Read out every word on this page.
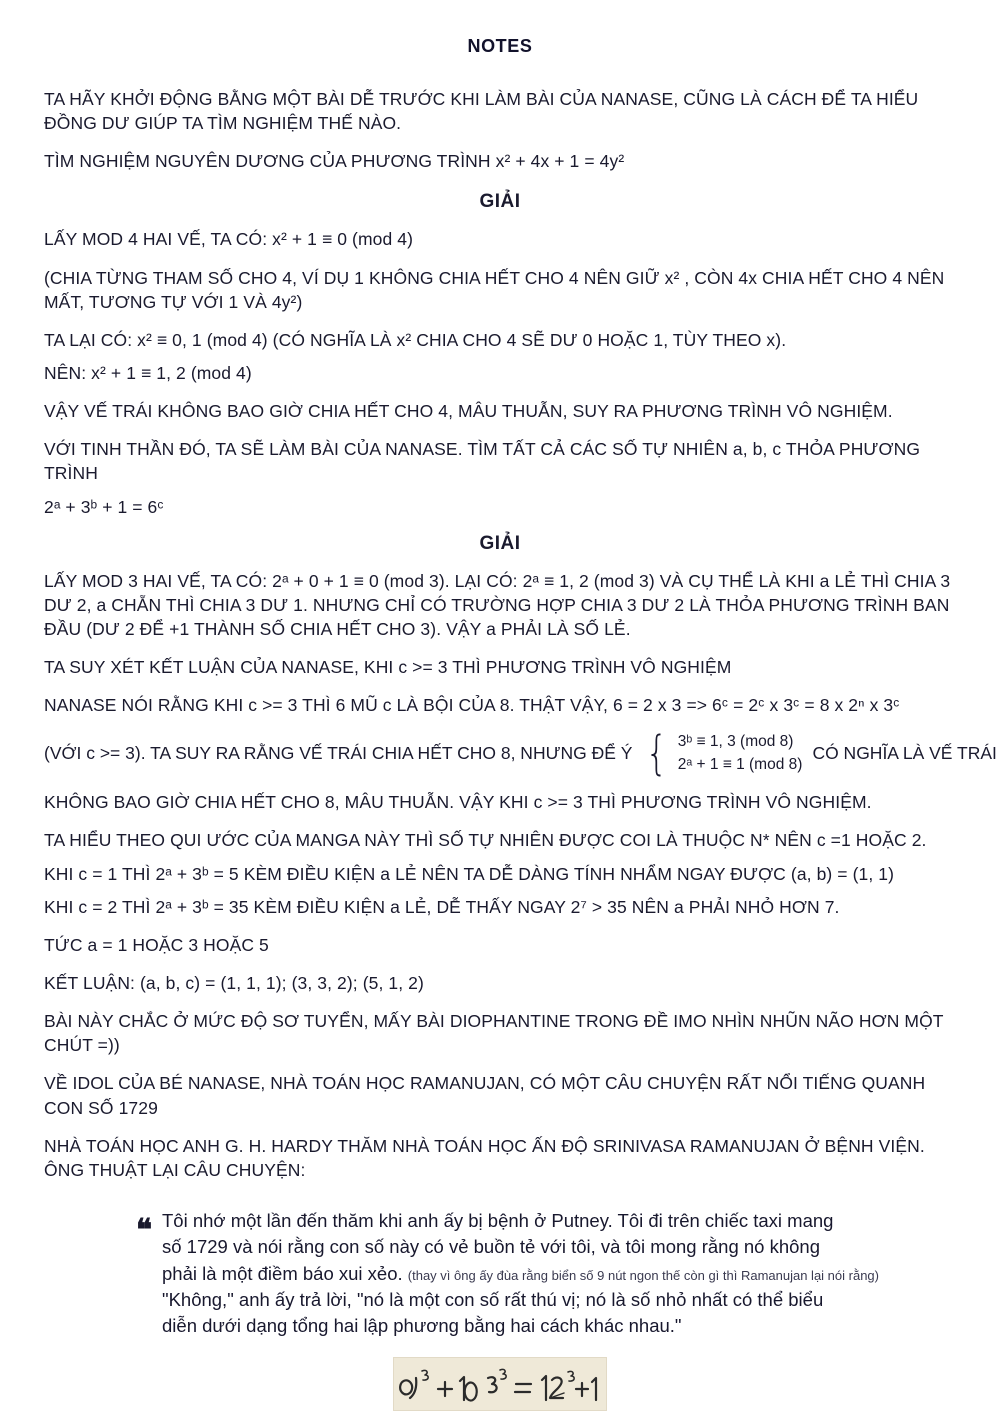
NOTES

TA HÃY KHỞI ĐỘNG BẰNG MỘT BÀI DỄ TRƯỚC KHI LÀM BÀI CỦA NANASE, CŨNG LÀ CÁCH ĐỂ TA HIỂU ĐỒNG DƯ GIÚP TA TÌM NGHIỆM THẾ NÀO.

TÌM NGHIỆM NGUYÊN DƯƠNG CỦA PHƯƠNG TRÌNH x² + 4x + 1 = 4y²

GIẢI

LẤY MOD 4 HAI VẾ, TA CÓ: x² + 1 ≡ 0 (mod 4)

(CHIA TỪNG THAM SỐ CHO 4, VÍ DỤ 1 KHÔNG CHIA HẾT CHO 4 NÊN GIỮ x² , CÒN 4x CHIA HẾT CHO 4 NÊN MẤT, TƯƠNG TỰ VỚI 1 VÀ 4y²)

TA LẠI CÓ: x² ≡ 0, 1 (mod 4) (CÓ NGHĨA LÀ x² CHIA CHO 4 SẼ DƯ 0 HOẶC 1, TÙY THEO x).

NÊN: x² + 1 ≡ 1, 2 (mod 4)

VẬY VẾ TRÁI KHÔNG BAO GIỜ CHIA HẾT CHO 4, MÂU THUẪN, SUY RA PHƯƠNG TRÌNH VÔ NGHIỆM.

VỚI TINH THẦN ĐÓ, TA SẼ LÀM BÀI CỦA NANASE. TÌM TẤT CẢ CÁC SỐ TỰ NHIÊN a, b, c THỎA PHƯƠNG TRÌNH

2ᵃ + 3ᵇ + 1 = 6ᶜ

GIẢI

LẤY MOD 3 HAI VẾ, TA CÓ: 2ᵃ + 0 + 1 ≡ 0 (mod 3). LẠI CÓ: 2ᵃ ≡ 1, 2 (mod 3) VÀ CỤ THỂ LÀ KHI a LẺ THÌ CHIA 3 DƯ 2, a CHẴN THÌ CHIA 3 DƯ 1. NHƯNG CHỈ CÓ TRƯỜNG HỢP CHIA 3 DƯ 2 LÀ THỎA PHƯƠNG TRÌNH BAN ĐẦU (DƯ 2 ĐỂ +1 THÀNH SỐ CHIA HẾT CHO 3). VẬY a PHẢI LÀ SỐ LẺ.

TA SUY XÉT KẾT LUẬN CỦA NANASE, KHI c >= 3 THÌ PHƯƠNG TRÌNH VÔ NGHIỆM

NANASE NÓI RẰNG KHI c >= 3 THÌ 6 MŨ c LÀ BỘI CỦA 8. THẬT VẬY, 6 = 2 x 3 => 6ᶜ = 2ᶜ x 3ᶜ = 8 x 2ⁿ x 3ᶜ

(VỚI c >= 3). TA SUY RA RẰNG VẾ TRÁI CHIA HẾT CHO 8, NHƯNG ĐỂ Ý { 3ᵇ ≡ 1, 3 (mod 8)
2ᵃ + 1 ≡ 1 (mod 8)
CÓ NGHĨA LÀ VẾ TRÁI

KHÔNG BAO GIỜ CHIA HẾT CHO 8, MÂU THUẪN. VẬY KHI c >= 3 THÌ PHƯƠNG TRÌNH VÔ NGHIỆM.

TA HIỂU THEO QUI ƯỚC CỦA MANGA NÀY THÌ SỐ TỰ NHIÊN ĐƯỢC COI LÀ THUỘC N* NÊN c =1 HOẶC 2.

KHI c = 1 THÌ 2ᵃ + 3ᵇ = 5 KÈM ĐIỀU KIỆN a LẺ NÊN TA DỄ DÀNG TÍNH NHẨM NGAY ĐƯỢC (a, b) = (1, 1)

KHI c = 2 THÌ 2ᵃ + 3ᵇ = 35 KÈM ĐIỀU KIỆN a LẺ, DỄ THẤY NGAY 2⁷ > 35 NÊN a PHẢI NHỎ HƠN 7.

TỨC a = 1 HOẶC 3 HOẶC 5

KẾT LUẬN: (a, b, c) = (1, 1, 1); (3, 3, 2); (5, 1, 2)

BÀI NÀY CHẮC Ở MỨC ĐỘ SƠ TUYỂN, MẤY BÀI DIOPHANTINE TRONG ĐỀ IMO NHÌN NHŨN NÃO HƠN MỘT CHÚT =))

VỀ IDOL CỦA BÉ NANASE, NHÀ TOÁN HỌC RAMANUJAN, CÓ MỘT CÂU CHUYỆN RẤT NỔI TIẾNG QUANH CON SỐ 1729

NHÀ TOÁN HỌC ANH G. H. HARDY THĂM NHÀ TOÁN HỌC ẤN ĐỘ SRINIVASA RAMANUJAN Ở BỆNH VIỆN. ÔNG THUẬT LẠI CÂU CHUYỆN:

❝ Tôi nhớ một lần đến thăm khi anh ấy bị bệnh ở Putney. Tôi đi trên chiếc taxi mang
số 1729 và nói rằng con số này có vẻ buồn tẻ với tôi, và tôi mong rằng nó không
phải là một điềm báo xui xẻo. (thay vì ông ấy đùa rằng biển số 9 nút ngon thế còn gì thì Ramanujan lại nói rằng)
"Không," anh ấy trả lời, "nó là một con số rất thú vị; nó là số nhỏ nhất có thể biểu
diễn dưới dạng tổng hai lập phương bằng hai cách khác nhau."
